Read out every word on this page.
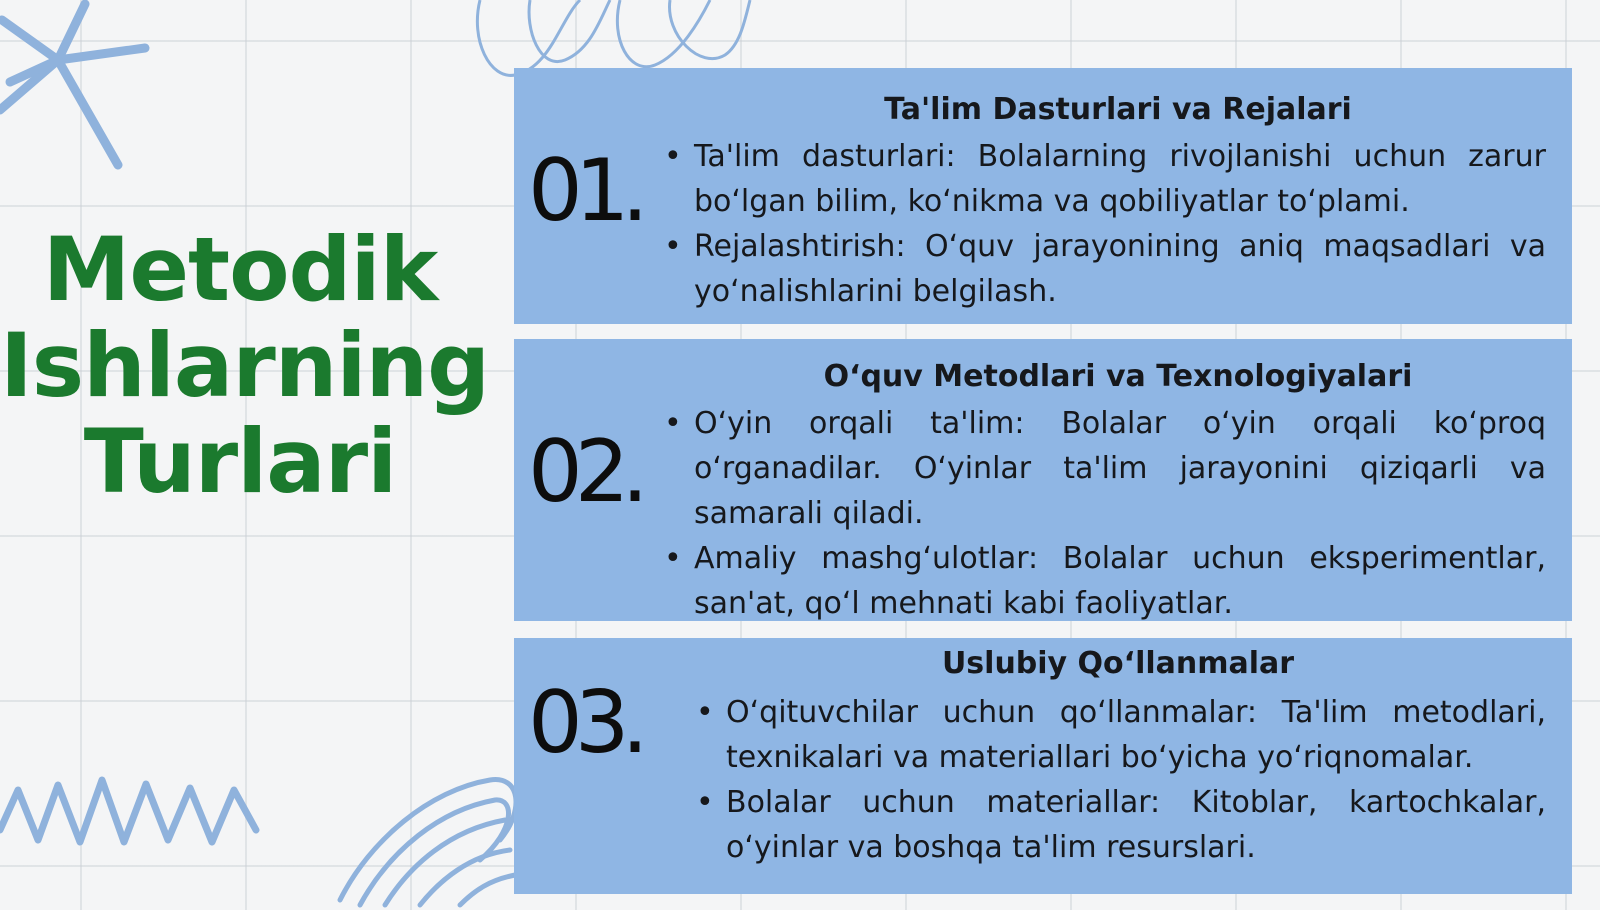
Metodik
Ishlarning
Turlari
01.
Ta'lim Dasturlari va Rejalari
• Ta'lim dasturlari: Bolalarning rivojlanishi uchun zarur bo‘lgan bilim, ko‘nikma va qobiliyatlar to‘plami.
• Rejalashtirish: O‘quv jarayonining aniq maqsadlari va yo‘nalishlarini belgilash.
02.
O‘quv Metodlari va Texnologiyalari
• O‘yin orqali ta'lim: Bolalar o‘yin orqali ko‘proq o‘rganadilar. O‘yinlar ta'lim jarayonini qiziqarli va samarali qiladi.
• Amaliy mashg‘ulotlar: Bolalar uchun eksperimentlar, san'at, qo‘l mehnati kabi faoliyatlar.
03.
Uslubiy Qo‘llanmalar
• O‘qituvchilar uchun qo‘llanmalar: Ta'lim metodlari, texnikalari va materiallari bo‘yicha yo‘riqnomalar.
• Bolalar uchun materiallar: Kitoblar, kartochkalar, o‘yinlar va boshqa ta'lim resurslari.
